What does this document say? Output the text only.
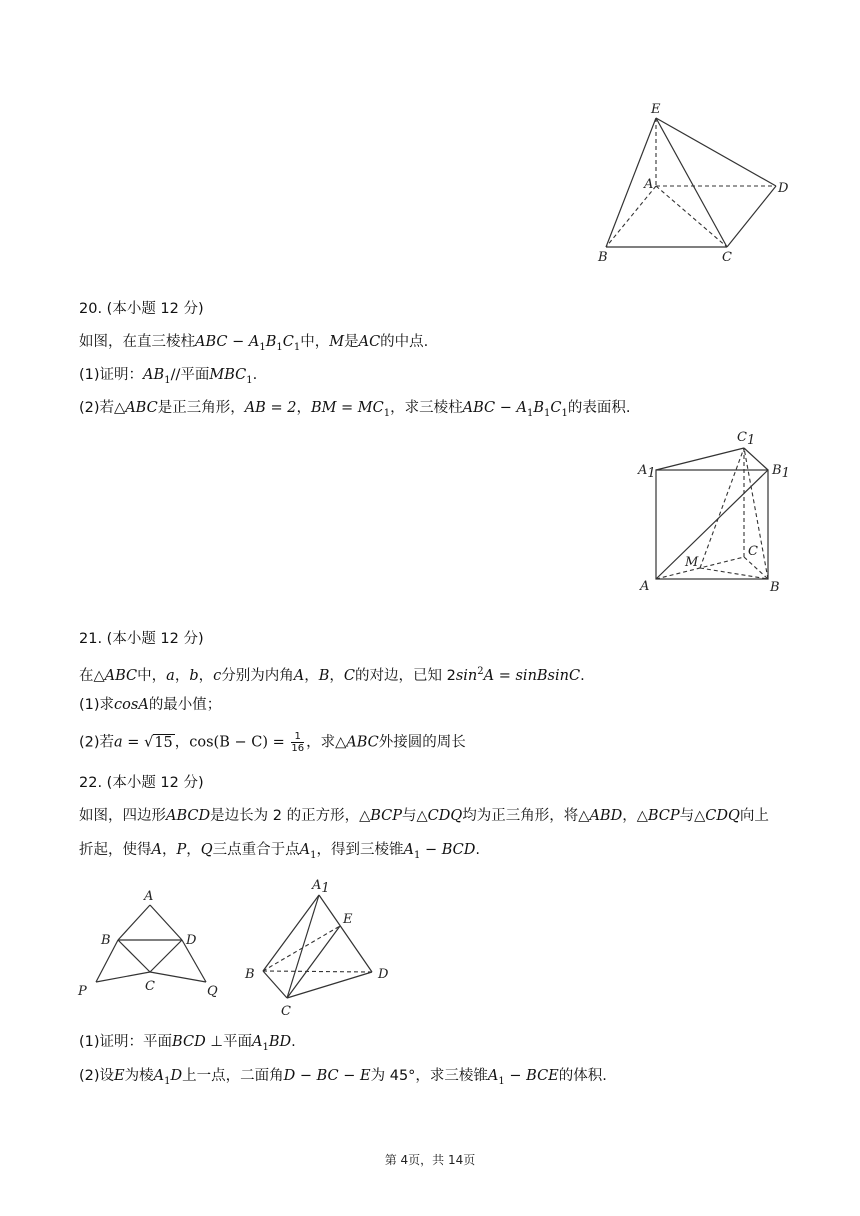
E
A	D
B	C
20. (本小题 12 分)
如图，在直三棱柱ABC − $A_1B_1C_1$中，M是AC的中点.
(1)证明：$AB_1//$平面$MBC_1$.
(2)若△ABC是正三角形，AB = 2，BM = $MC_1$，求三棱柱ABC − $A_1B_1C_1$的表面积.
C1
A1	B1
C
M
A	B
21. (本小题 12 分)
在△ABC中，a，b，c分别为内角A，B，C的对边，已知 $2\sin^2A$ = sinBsinC.
(1)求cosA的最小值；
(2)若a = √15 ，$\cos(B - C) = \frac{1}{16}$ ，求△ABC外接圆的周长
22. (本小题 12 分)
如图，四边形ABCD是边长为 2 的正方形，△BCP与△CDQ均为正三角形，将△ABD，△BCP与△CDQ向上
折起，使得A，P，Q三点重合于点$A_1$，得到三棱锥$A_1$ − BCD.
A
B	D
P	C	Q
A1
E
B	D
C
(1)证明：平面BCD ⊥平面$A_1BD$.
(2)设E为棱$A_1D$上一点，二面角D − BC − E为 45°，求三棱锥$A_1$ − BCE的体积.
第 4页，共 14页
